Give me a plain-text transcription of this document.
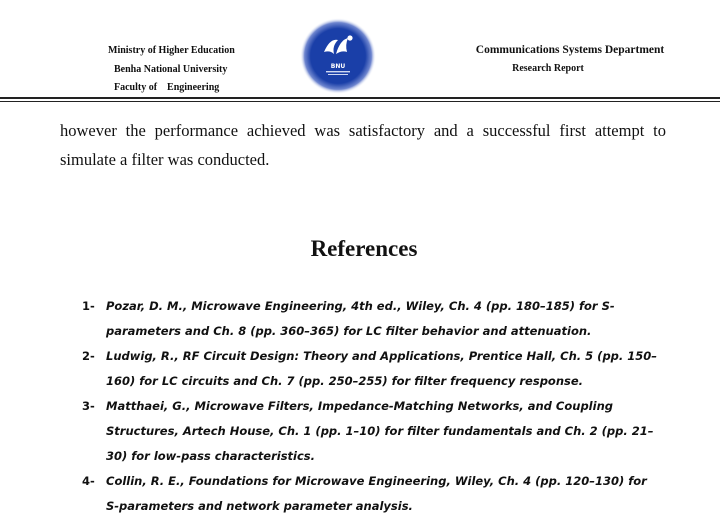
Ministry of Higher Education
Benha National University
Faculty of    Engineering
BNU
Communications Systems Department
Research Report
however the performance achieved was satisfactory and a successful first attempt to simulate a filter was conducted.
References
1- Pozar, D. M., Microwave Engineering, 4th ed., Wiley, Ch. 4 (pp. 180–185) for S-parameters and Ch. 8 (pp. 360–365) for LC filter behavior and attenuation.
2- Ludwig, R., RF Circuit Design: Theory and Applications, Prentice Hall, Ch. 5 (pp. 150–160) for LC circuits and Ch. 7 (pp. 250–255) for filter frequency response.
3- Matthaei, G., Microwave Filters, Impedance-Matching Networks, and Coupling Structures, Artech House, Ch. 1 (pp. 1–10) for filter fundamentals and Ch. 2 (pp. 21–30) for low-pass characteristics.
4- Collin, R. E., Foundations for Microwave Engineering, Wiley, Ch. 4 (pp. 120–130) for S-parameters and network parameter analysis.
